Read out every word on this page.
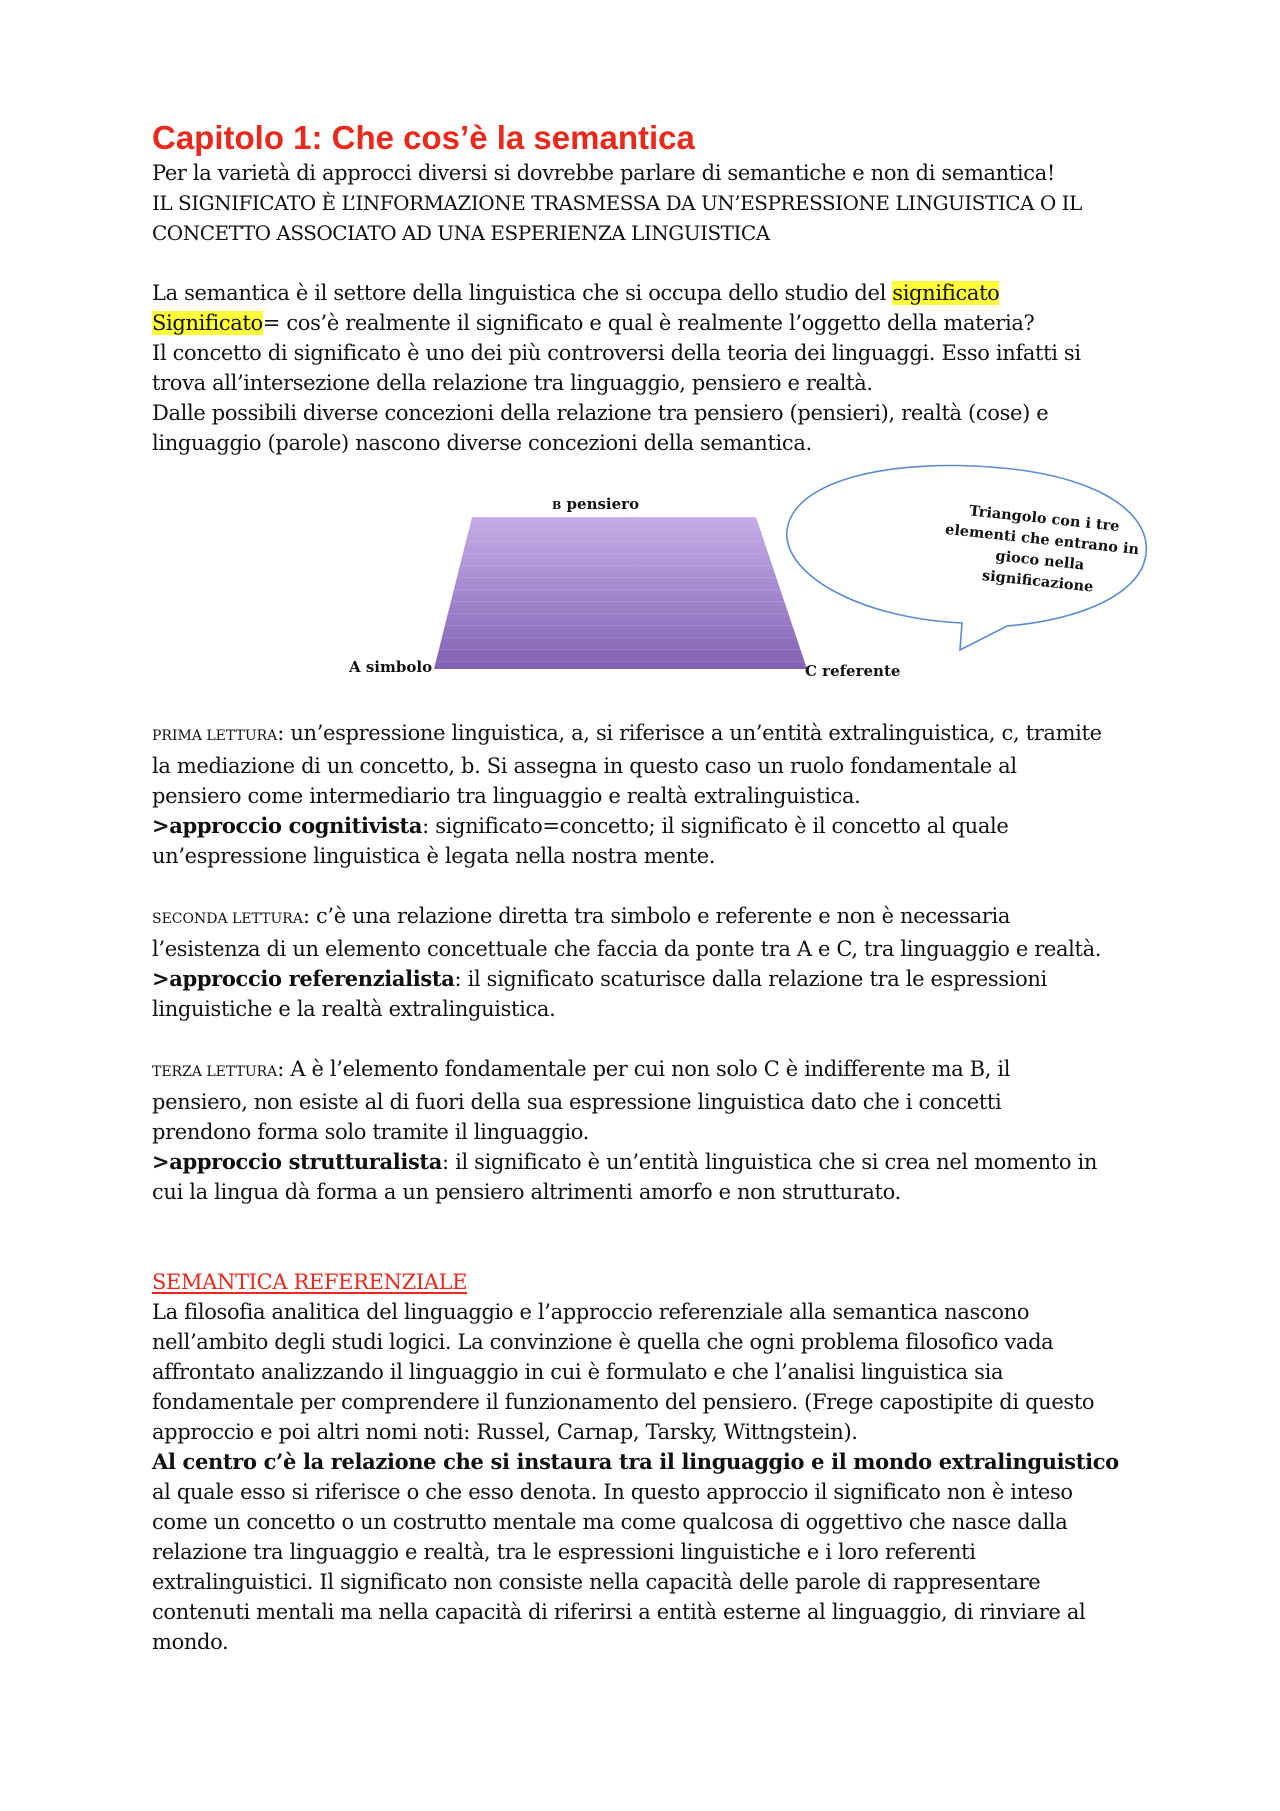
Capitolo 1: Che cos’è la semantica

Per la varietà di approcci diversi si dovrebbe parlare di semantiche e non di semantica!

IL SIGNIFICATO È L’INFORMAZIONE TRASMESSA DA UN’ESPRESSIONE LINGUISTICA O IL

CONCETTO ASSOCIATO AD UNA ESPERIENZA LINGUISTICA

La semantica è il settore della linguistica che si occupa dello studio del significato

Significato= cos’è realmente il significato e qual è realmente l’oggetto della materia?

Il concetto di significato è uno dei più controversi della teoria dei linguaggi. Esso infatti si

trova all’intersezione della relazione tra linguaggio, pensiero e realtà.

Dalle possibili diverse concezioni della relazione tra pensiero (pensieri), realtà (cose) e

linguaggio (parole) nascono diverse concezioni della semantica.

B pensiero
A simbolo	C referente
Triangolo con i tre elementi che entrano in gioco nella significazione

PRIMA LETTURA: un’espressione linguistica, a, si riferisce a un’entità extralinguistica, c, tramite

la mediazione di un concetto, b. Si assegna in questo caso un ruolo fondamentale al

pensiero come intermediario tra linguaggio e realtà extralinguistica.

>approccio cognitivista: significato=concetto; il significato è il concetto al quale

un’espressione linguistica è legata nella nostra mente.

SECONDA LETTURA: c’è una relazione diretta tra simbolo e referente e non è necessaria

l’esistenza di un elemento concettuale che faccia da ponte tra A e C, tra linguaggio e realtà.

>approccio referenzialista: il significato scaturisce dalla relazione tra le espressioni

linguistiche e la realtà extralinguistica.

TERZA LETTURA: A è l’elemento fondamentale per cui non solo C è indifferente ma B, il

pensiero, non esiste al di fuori della sua espressione linguistica dato che i concetti

prendono forma solo tramite il linguaggio.

>approccio strutturalista: il significato è un’entità linguistica che si crea nel momento in

cui la lingua dà forma a un pensiero altrimenti amorfo e non strutturato.

SEMANTICA REFERENZIALE

La filosofia analitica del linguaggio e l’approccio referenziale alla semantica nascono

nell’ambito degli studi logici. La convinzione è quella che ogni problema filosofico vada

affrontato analizzando il linguaggio in cui è formulato e che l’analisi linguistica sia

fondamentale per comprendere il funzionamento del pensiero. (Frege capostipite di questo

approccio e poi altri nomi noti: Russel, Carnap, Tarsky, Wittngstein).

Al centro c’è la relazione che si instaura tra il linguaggio e il mondo extralinguistico

al quale esso si riferisce o che esso denota. In questo approccio il significato non è inteso

come un concetto o un costrutto mentale ma come qualcosa di oggettivo che nasce dalla

relazione tra linguaggio e realtà, tra le espressioni linguistiche e i loro referenti

extralinguistici. Il significato non consiste nella capacità delle parole di rappresentare

contenuti mentali ma nella capacità di riferirsi a entità esterne al linguaggio, di rinviare al

mondo.
